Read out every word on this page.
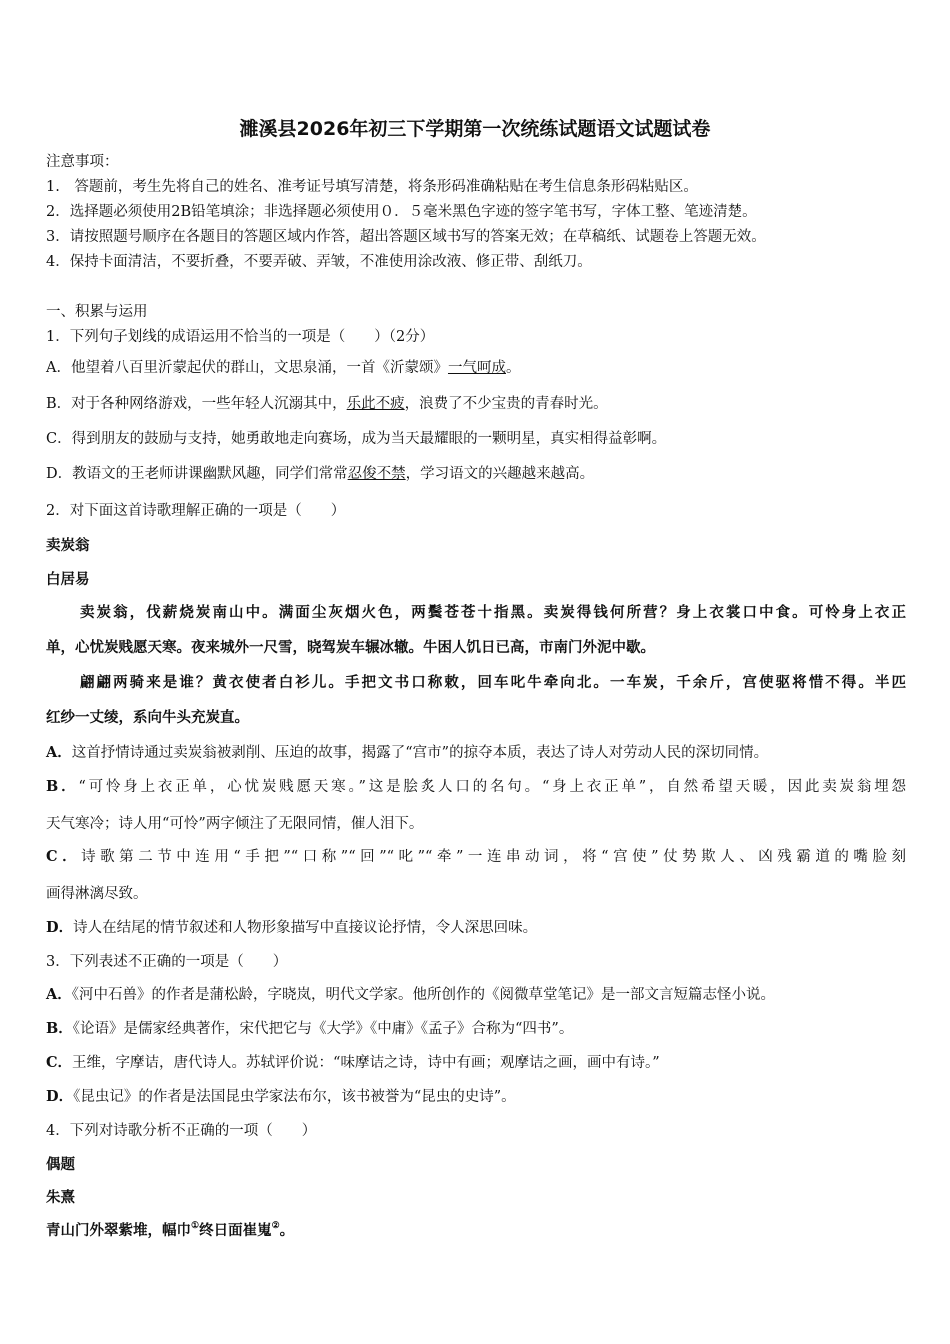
濉溪县2026年初三下学期第一次统练试题语文试题试卷
注意事项：
1.　答题前，考生先将自己的姓名、准考证号填写清楚，将条形码准确粘贴在考生信息条形码粘贴区。
2．选择题必须使用2B铅笔填涂；非选择题必须使用０．５毫米黑色字迹的签字笔书写，字体工整、笔迹清楚。
3．请按照题号顺序在各题目的答题区域内作答，超出答题区域书写的答案无效；在草稿纸、试题卷上答题无效。
4．保持卡面清洁，不要折叠，不要弄破、弄皱，不准使用涂改液、修正带、刮纸刀。
一、积累与运用
1．下列句子划线的成语运用不恰当的一项是（　　）（2分）
A．他望着八百里沂蒙起伏的群山，文思泉涌，一首《沂蒙颂》一气呵成。
B．对于各种网络游戏，一些年轻人沉溺其中，乐此不疲，浪费了不少宝贵的青春时光。
C．得到朋友的鼓励与支持，她勇敢地走向赛场，成为当天最耀眼的一颗明星，真实相得益彰啊。
D．教语文的王老师讲课幽默风趣，同学们常常忍俊不禁，学习语文的兴趣越来越高。
2．对下面这首诗歌理解正确的一项是（　　）
卖炭翁
白居易
卖炭翁，伐薪烧炭南山中。满面尘灰烟火色，两鬓苍苍十指黑。卖炭得钱何所营？身上衣裳口中食。可怜身上衣正
单，心忧炭贱愿天寒。夜来城外一尺雪，晓驾炭车辗冰辙。牛困人饥日已高，市南门外泥中歇。
翩翩两骑来是谁？黄衣使者白衫儿。手把文书口称敕，回车叱牛牵向北。一车炭，千余斤，宫使驱将惜不得。半匹
红纱一丈绫，系向牛头充炭直。
A．这首抒情诗通过卖炭翁被剥削、压迫的故事，揭露了“宫市”的掠夺本质，表达了诗人对劳动人民的深切同情。
B．“可怜身上衣正单，心忧炭贱愿天寒。”这是脍炙人口的名句。“身上衣正单”，自然希望天暖，因此卖炭翁埋怨
天气寒冷；诗人用“可怜”两字倾注了无限同情，催人泪下。
C．诗歌第二节中连用“手把”“口称”“回”“叱”“牵”一连串动词，将“宫使”仗势欺人、凶残霸道的嘴脸刻
画得淋漓尽致。
D．诗人在结尾的情节叙述和人物形象描写中直接议论抒情，令人深思回味。
3．下列表述不正确的一项是（　　）
A．《河中石兽》的作者是蒲松龄，字晓岚，明代文学家。他所创作的《阅微草堂笔记》是一部文言短篇志怪小说。
B．《论语》是儒家经典著作，宋代把它与《大学》《中庸》《孟子》合称为“四书”。
C．王维，字摩诘，唐代诗人。苏轼评价说：“味摩诘之诗，诗中有画；观摩诘之画，画中有诗。”
D．《昆虫记》的作者是法国昆虫学家法布尔，该书被誉为“昆虫的史诗”。
4．下列对诗歌分析不正确的一项（　　）
偶题
朱熹
青山门外翠紫堆，幅巾①终日面崔嵬②。
